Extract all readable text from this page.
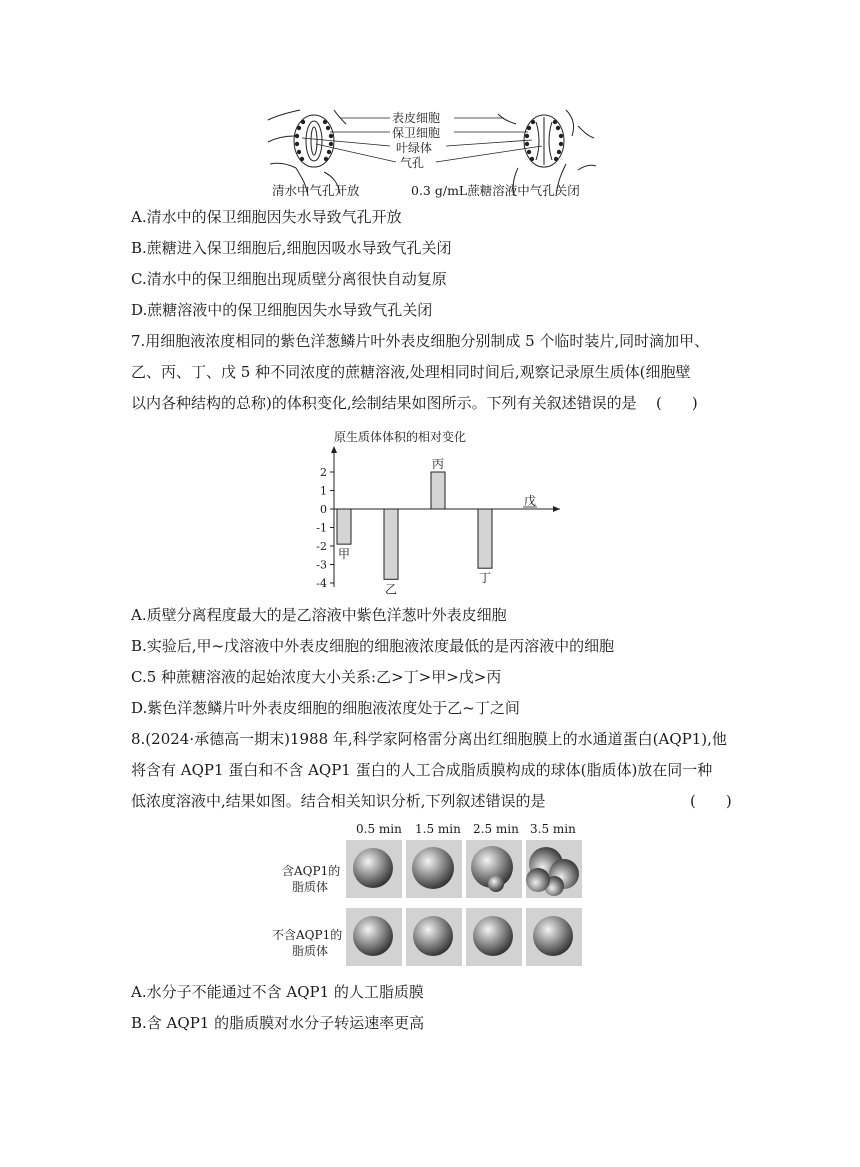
表皮细胞
保卫细胞
叶绿体
气孔
清水中气孔开放	0.3 g/mL蔗糖溶液中气孔关闭
A.清水中的保卫细胞因失水导致气孔开放
B.蔗糖进入保卫细胞后,细胞因吸水导致气孔关闭
C.清水中的保卫细胞出现质壁分离很快自动复原
D.蔗糖溶液中的保卫细胞因失水导致气孔关闭
7.用细胞液浓度相同的紫色洋葱鳞片叶外表皮细胞分别制成 5 个临时装片,同时滴加甲、
乙、丙、丁、戊 5 种不同浓度的蔗糖溶液,处理相同时间后,观察记录原生质体(细胞壁
以内各种结构的总称)的体积变化,绘制结果如图所示。下列有关叙述错误的是 (　　)
原生质体体积的相对变化
2
1
0
-1
-2
-3
-4
甲
乙
丙
丁
戊
A.质壁分离程度最大的是乙溶液中紫色洋葱叶外表皮细胞
B.实验后,甲~戊溶液中外表皮细胞的细胞液浓度最低的是丙溶液中的细胞
C.5 种蔗糖溶液的起始浓度大小关系:乙>丁>甲>戊>丙
D.紫色洋葱鳞片叶外表皮细胞的细胞液浓度处于乙~丁之间
8.(2024·承德高一期末)1988 年,科学家阿格雷分离出红细胞膜上的水通道蛋白(AQP1),他
将含有 AQP1 蛋白和不含 AQP1 蛋白的人工合成脂质膜构成的球体(脂质体)放在同一种
低浓度溶液中,结果如图。结合相关知识分析,下列叙述错误的是	(　　)
0.5 min 1.5 min 2.5 min 3.5 min
含AQP1的
脂质体
不含AQP1的
脂质体
A.水分子不能通过不含 AQP1 的人工脂质膜
B.含 AQP1 的脂质膜对水分子转运速率更高
